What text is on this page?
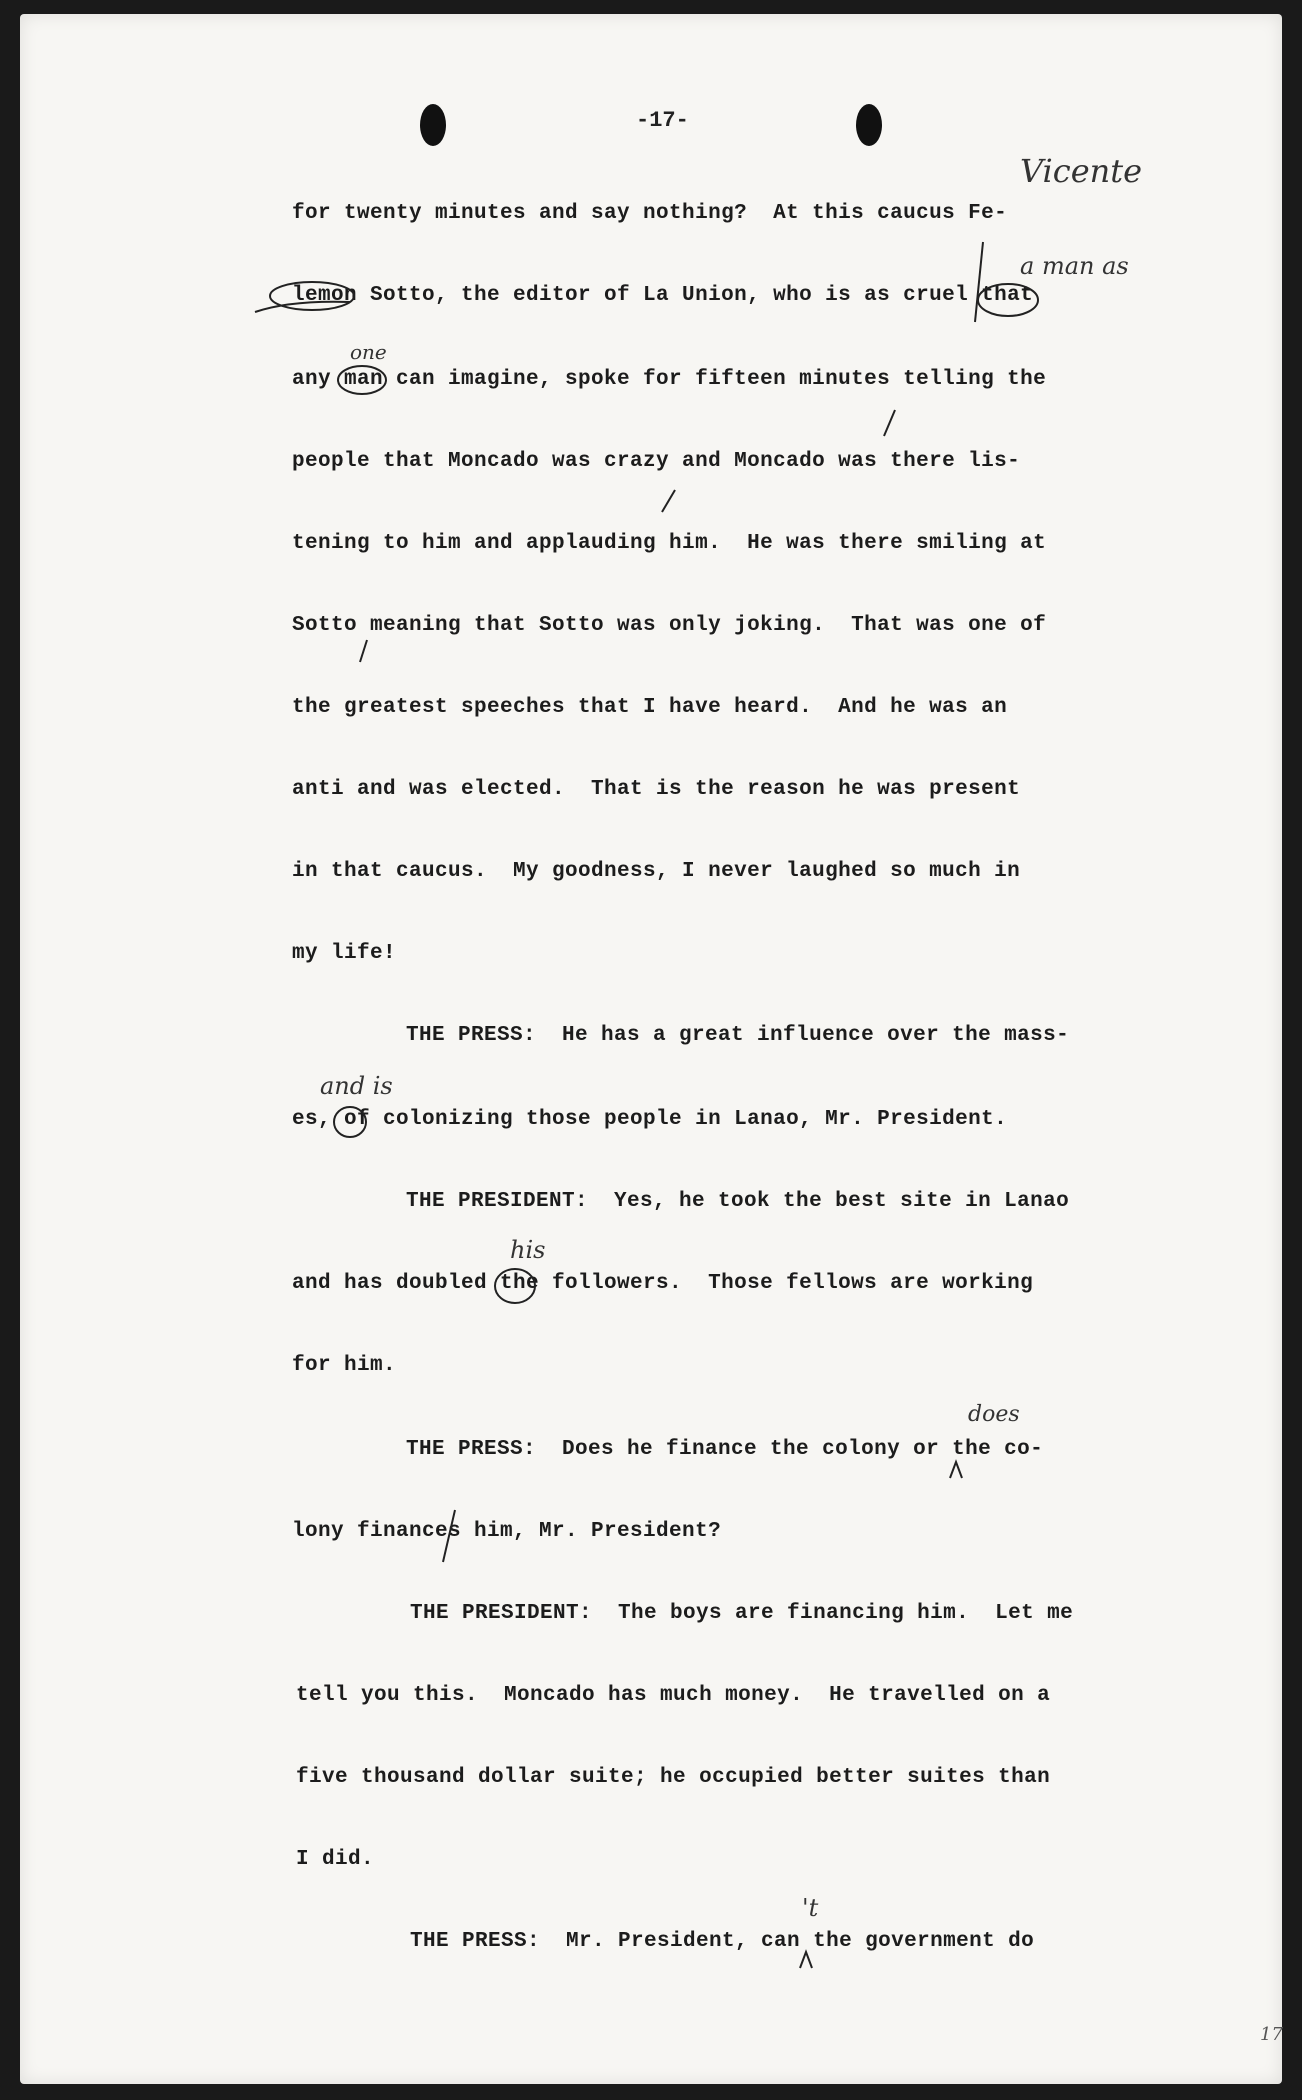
-17-
for twenty minutes and say nothing?  At this caucus Fe-
lemon Sotto, the editor of La Union, who is as cruel that
any man can imagine, spoke for fifteen minutes telling the
people that Moncado was crazy and Moncado was there lis-
tening to him and applauding him.  He was there smiling at
Sotto meaning that Sotto was only joking.  That was one of
the greatest speeches that I have heard.  And he was an
anti and was elected.  That is the reason he was present
in that caucus.  My goodness, I never laughed so much in
my life!
THE PRESS:  He has a great influence over the mass-
es, of colonizing those people in Lanao, Mr. President.
THE PRESIDENT:  Yes, he took the best site in Lanao
and has doubled the followers.  Those fellows are working
for him.
THE PRESS:  Does he finance the colony or the co-
lony finances him, Mr. President?
THE PRESIDENT:  The boys are financing him.  Let me
tell you this.  Moncado has much money.  He travelled on a
five thousand dollar suite; he occupied better suites than
I did.
THE PRESS:  Mr. President, can the government do
Vicente
a man as
one
and is
his
does
't
17
